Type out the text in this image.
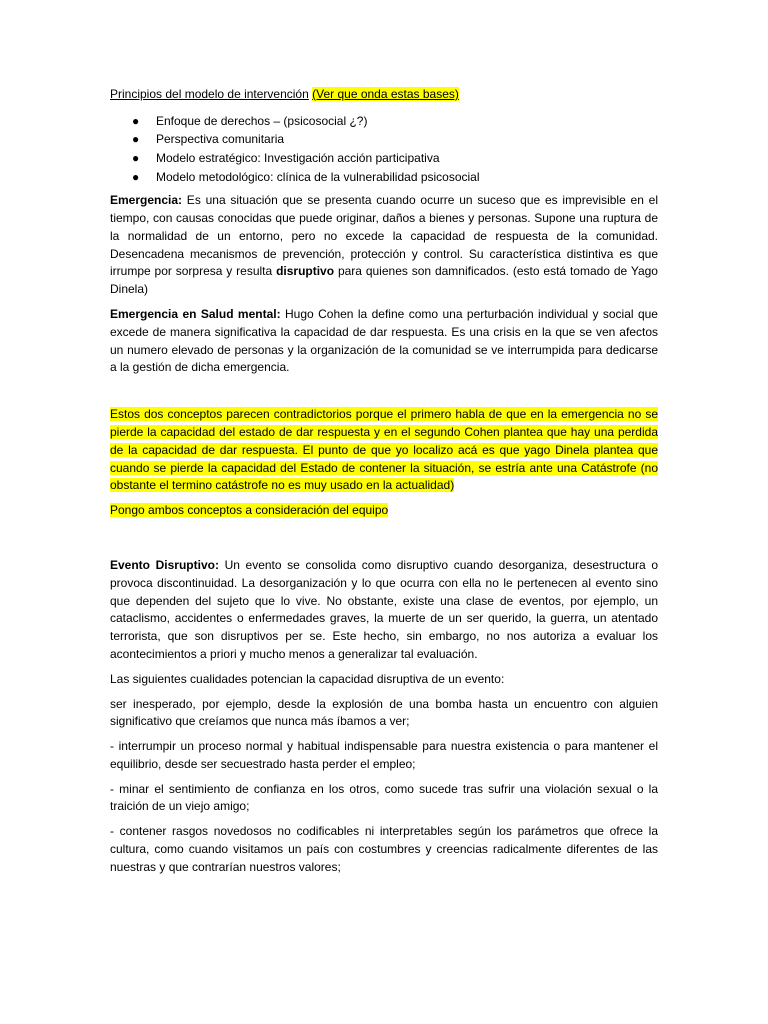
Principios del modelo de intervención (Ver que onda estas bases)
● Enfoque de derechos – (psicosocial ¿?)
● Perspectiva comunitaria
● Modelo estratégico: Investigación acción participativa
● Modelo metodológico: clínica de la vulnerabilidad psicosocial

Emergencia: Es una situación que se presenta cuando ocurre un suceso que es imprevisible en el tiempo, con causas conocidas que puede originar, daños a bienes y personas. Supone una ruptura de la normalidad de un entorno, pero no excede la capacidad de respuesta de la comunidad. Desencadena mecanismos de prevención, protección y control. Su característica distintiva es que irrumpe por sorpresa y resulta disruptivo para quienes son damnificados. (esto está tomado de Yago Dinela)

Emergencia en Salud mental: Hugo Cohen la define como una perturbación individual y social que excede de manera significativa la capacidad de dar respuesta. Es una crisis en la que se ven afectos un numero elevado de personas y la organización de la comunidad se ve interrumpida para dedicarse a la gestión de dicha emergencia.

Estos dos conceptos parecen contradictorios porque el primero habla de que en la emergencia no se pierde la capacidad del estado de dar respuesta y en el segundo Cohen plantea que hay una perdida de la capacidad de dar respuesta. El punto de que yo localizo acá es que yago Dinela plantea que cuando se pierde la capacidad del Estado de contener la situación, se estría ante una Catástrofe (no obstante el termino catástrofe no es muy usado en la actualidad)

Pongo ambos conceptos a consideración del equipo

Evento Disruptivo: Un evento se consolida como disruptivo cuando desorganiza, desestructura o provoca discontinuidad. La desorganización y lo que ocurra con ella no le pertenecen al evento sino que dependen del sujeto que lo vive. No obstante, existe una clase de eventos, por ejemplo, un cataclismo, accidentes o enfermedades graves, la muerte de un ser querido, la guerra, un atentado terrorista, que son disruptivos per se. Este hecho, sin embargo, no nos autoriza a evaluar los acontecimientos a priori y mucho menos a generalizar tal evaluación.

Las siguientes cualidades potencian la capacidad disruptiva de un evento:

ser inesperado, por ejemplo, desde la explosión de una bomba hasta un encuentro con alguien significativo que creíamos que nunca más íbamos a ver;

- interrumpir un proceso normal y habitual indispensable para nuestra existencia o para mantener el equilibrio, desde ser secuestrado hasta perder el empleo;

- minar el sentimiento de confianza en los otros, como sucede tras sufrir una violación sexual o la traición de un viejo amigo;

- contener rasgos novedosos no codificables ni interpretables según los parámetros que ofrece la cultura, como cuando visitamos un país con costumbres y creencias radicalmente diferentes de las nuestras y que contrarían nuestros valores;
